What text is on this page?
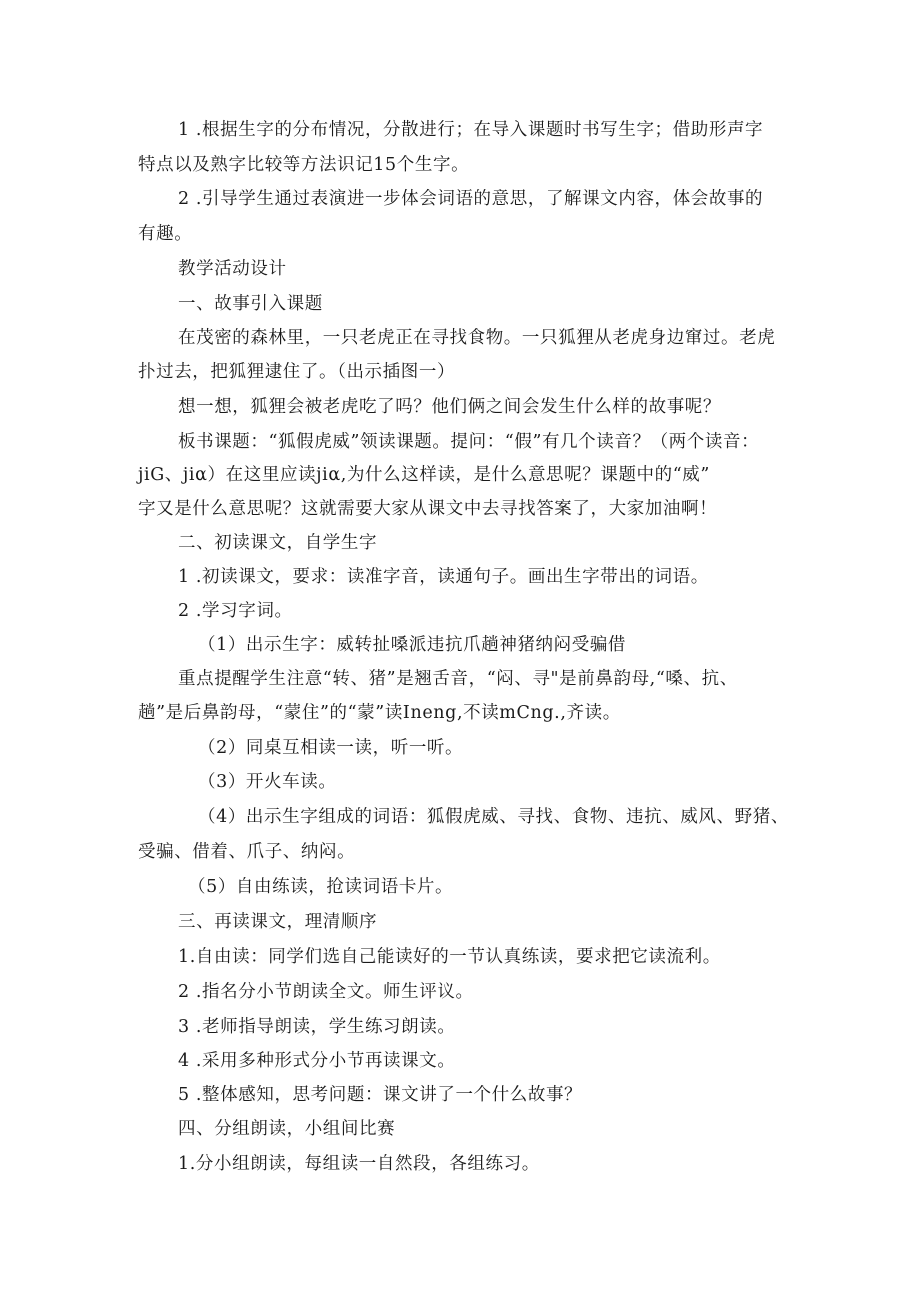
1 .根据生字的分布情况，分散进行；在导入课题时书写生字；借助形声字
特点以及熟字比较等方法识记15个生字。
2 .引导学生通过表演进一步体会词语的意思，了解课文内容，体会故事的
有趣。
教学活动设计
一、故事引入课题
在茂密的森林里，一只老虎正在寻找食物。一只狐狸从老虎身边窜过。老虎
扑过去，把狐狸逮住了。（出示插图一）
想一想，狐狸会被老虎吃了吗？他们俩之间会发生什么样的故事呢？
板书课题：“狐假虎威”领读课题。提问：“假”有几个读音？（两个读音：
jiG、jiα）在这里应读jiα,为什么这样读，是什么意思呢？课题中的“威”
字又是什么意思呢？这就需要大家从课文中去寻找答案了，大家加油啊！
二、初读课文，自学生字
1 .初读课文，要求：读准字音，读通句子。画出生字带出的词语。
2 .学习字词。
（1）出示生字：威转扯嗓派违抗爪趟神猪纳闷受骗借
重点提醒学生注意“转、猪”是翘舌音，“闷、寻"是前鼻韵母,“嗓、抗、
趟”是后鼻韵母，“蒙住”的“蒙”读Ineng,不读mCng.,齐读。
（2）同桌互相读一读，听一听。
（3）开火车读。
（4）出示生字组成的词语：狐假虎威、寻找、食物、违抗、威风、野猪、
受骗、借着、爪子、纳闷。
（5）自由练读，抢读词语卡片。
三、再读课文，理清顺序
1.自由读：同学们选自己能读好的一节认真练读，要求把它读流利。
2 .指名分小节朗读全文。师生评议。
3 .老师指导朗读，学生练习朗读。
4 .采用多种形式分小节再读课文。
5 .整体感知，思考问题：课文讲了一个什么故事？
四、分组朗读，小组间比赛
1.分小组朗读，每组读一自然段，各组练习。
